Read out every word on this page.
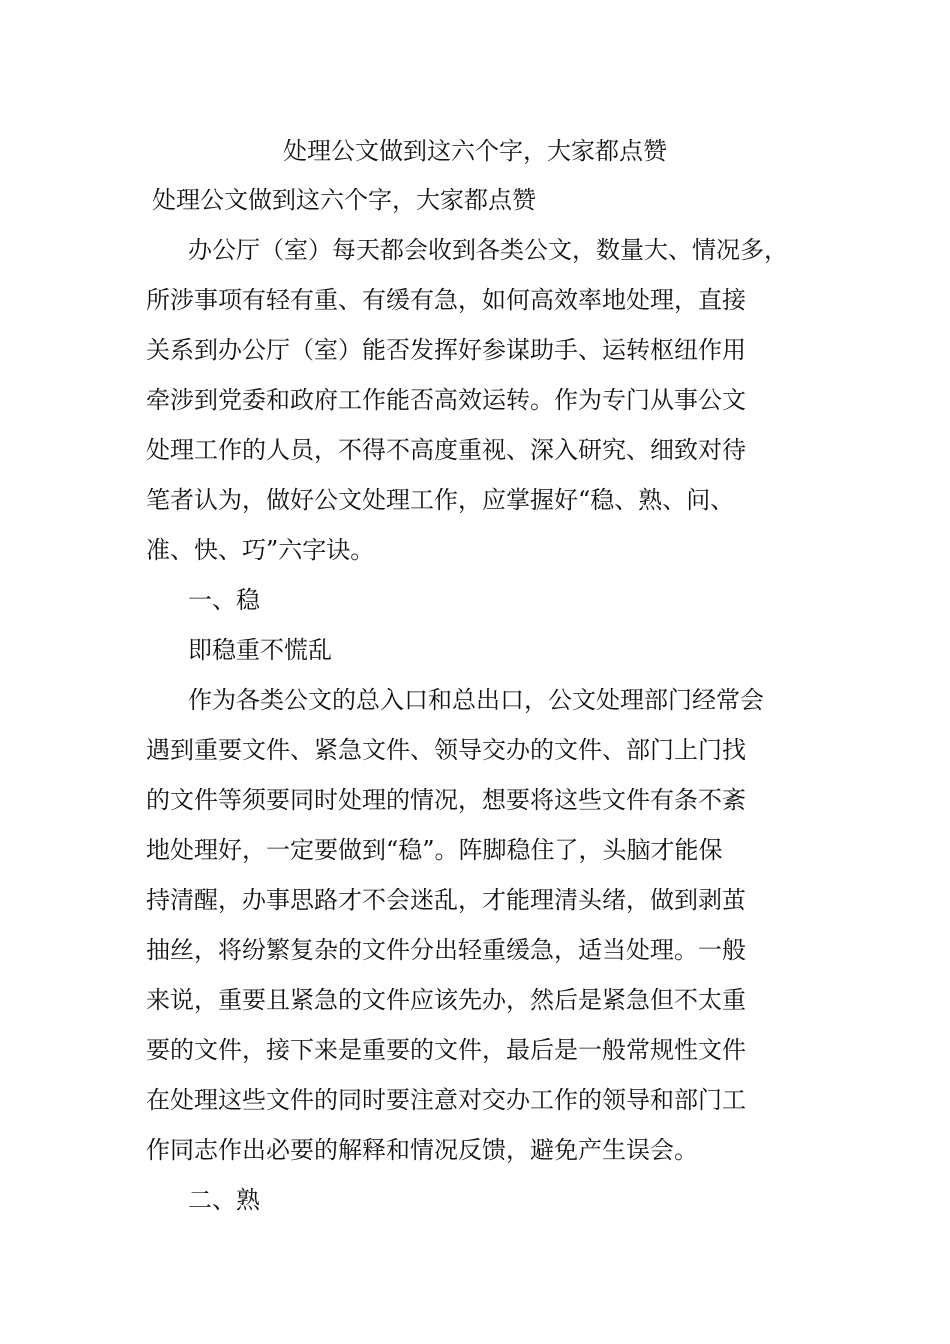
处理公文做到这六个字，大家都点赞
处理公文做到这六个字，大家都点赞
办公厅（室）每天都会收到各类公文，数量大、情况多，
所涉事项有轻有重、有缓有急，如何高效率地处理，直接
关系到办公厅（室）能否发挥好参谋助手、运转枢纽作用
牵涉到党委和政府工作能否高效运转。作为专门从事公文
处理工作的人员，不得不高度重视、深入研究、细致对待
笔者认为，做好公文处理工作，应掌握好“稳、熟、问、
准、快、巧”六字诀。
一、稳
即稳重不慌乱
作为各类公文的总入口和总出口，公文处理部门经常会
遇到重要文件、紧急文件、领导交办的文件、部门上门找
的文件等须要同时处理的情况，想要将这些文件有条不紊
地处理好，一定要做到“稳”。阵脚稳住了，头脑才能保
持清醒，办事思路才不会迷乱，才能理清头绪，做到剥茧
抽丝，将纷繁复杂的文件分出轻重缓急，适当处理。一般
来说，重要且紧急的文件应该先办，然后是紧急但不太重
要的文件，接下来是重要的文件，最后是一般常规性文件
在处理这些文件的同时要注意对交办工作的领导和部门工
作同志作出必要的解释和情况反馈，避免产生误会。
二、熟
